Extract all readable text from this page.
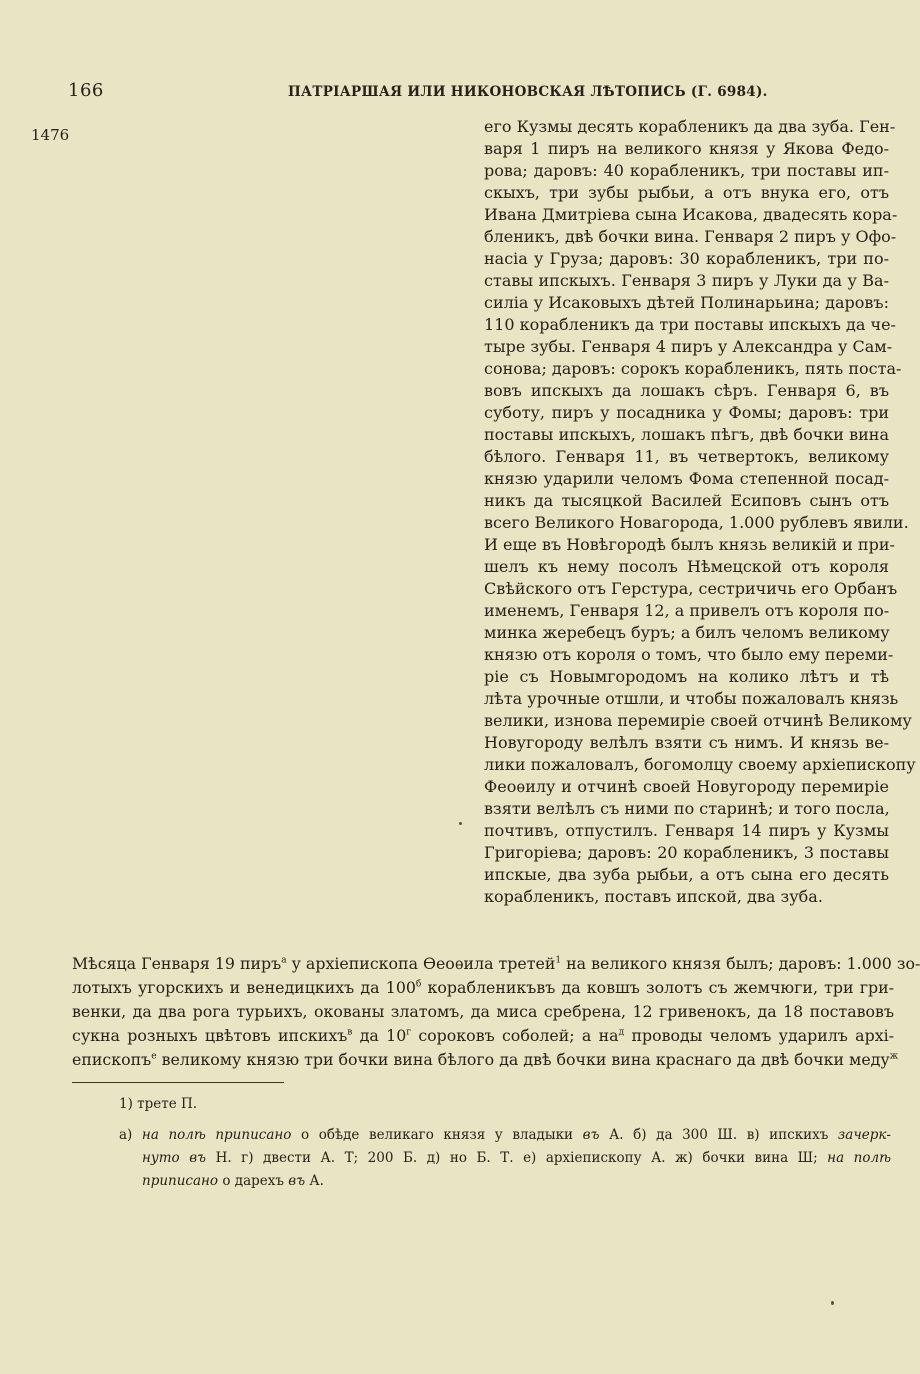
166	ПАТРІАРШАЯ ИЛИ НИКОНОВСКАЯ ЛѢТОПИСЬ (Г. 6984).
1476	его Кузмы десять корабленикъ да два зуба. Ген-
варя 1 пиръ на великого князя у Якова Федо-
рова; даровъ: 40 корабленикъ, три поставы ип-
скыхъ, три зубы рыбьи, а отъ внука его, отъ
Ивана Дмитріева сына Исакова, двадесять кора-
бленикъ, двѣ бочки вина. Генваря 2 пиръ у Офо-
насіа у Груза; даровъ: 30 корабленикъ, три по-
ставы ипскыхъ. Генваря 3 пиръ у Луки да у Ва-
силіа у Исаковыхъ дѣтей Полинарьина; даровъ:
110 корабленикъ да три поставы ипскыхъ да че-
тыре зубы. Генваря 4 пиръ у Александра у Сам-
сонова; даровъ: сорокъ корабленикъ, пять поста-
вовъ ипскыхъ да лошакъ сѣръ. Генваря 6, въ
суботу, пиръ у посадника у Фомы; даровъ: три
поставы ипскыхъ, лошакъ пѣгъ, двѣ бочки вина
бѣлого. Генваря 11, въ четвертокъ, великому
князю ударили челомъ Фома степенной посад-
никъ да тысяцкой Василей Есиповъ сынъ отъ
всего Великого Новагорода, 1.000 рублевъ явили.
И еще въ Новѣгородѣ былъ князь великій и при-
шелъ къ нему посолъ Нѣмецской отъ короля
Свѣйского отъ Герстура, сестричичь его Орбанъ
именемъ, Генваря 12, а привелъ отъ короля по-
минка жеребецъ буръ; а билъ челомъ великому
князю отъ короля о томъ, что было ему переми-
ріе съ Новымгородомъ на колико лѣтъ и тѣ
лѣта урочные отшли, и чтобы пожаловалъ князь
велики, изнова перемиріе своей отчинѣ Великому
Новугороду велѣлъ взяти съ нимъ. И князь ве-
лики пожаловалъ, богомолцу своему архіепископу
Феоѳилу и отчинѣ своей Новугороду перемиріе
взяти велѣлъ съ ними по старинѣ; и того посла,
почтивъ, отпустилъ. Генваря 14 пиръ у Кузмы
Григоріева; даровъ: 20 корабленикъ, 3 поставы
ипскые, два зуба рыбьи, а отъ сына его десять
корабленикъ, поставъ ипской, два зуба.
Мѣсяца Генваря 19 пиръ$^а$ у архіепископа Ѳеоѳила третей$^1$ на великого князя былъ; даровъ: 1.000 зо-
лотыхъ угорскихъ и венедицкихъ да $100^б$ корабленикъвъ да ковшъ золотъ съ жемчюги, три гри-
венки, да два рога турьихъ, окованы златомъ, да миса сребрена, 12 гривенокъ, да 18 поставовъ
сукна розныхъ цвѣтовъ ипскихъ$^в$ да $10^г$ сороковъ соболей; а $на^д$ проводы челомъ ударилъ архі-
епископъ$^е$ великому князю три бочки вина бѣлого да двѣ бочки вина краснаго да двѣ бочки меду$^ж$
1) трете П.
а) на полѣ приписано о обѣде великаго князя у владыки въ А. б) да 300 Ш. в) ипскихъ зачерк-
нуто въ Н. г) двести А. Т; 200 Б. д) но Б. Т. е) архіепископу А. ж) бочки вина Ш; на полѣ
приписано о дарехъ въ А.
